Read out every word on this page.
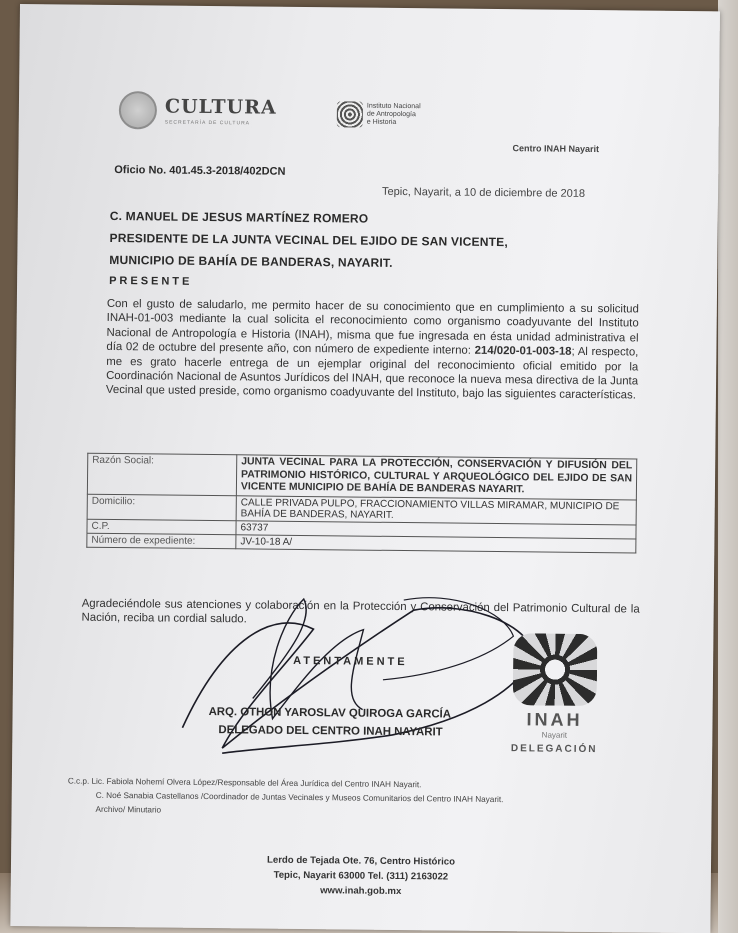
CULTURA
SECRETARÍA DE CULTURA
Instituto Nacional
de Antropología
e Historia
Centro INAH Nayarit
Oficio No. 401.45.3-2018/402DCN
Tepic, Nayarit, a 10 de diciembre de 2018
C. MANUEL DE JESUS MARTÍNEZ ROMERO
PRESIDENTE DE LA JUNTA VECINAL DEL EJIDO DE SAN VICENTE,
MUNICIPIO DE BAHÍA DE BANDERAS, NAYARIT.
PRESENTE
Con el gusto de saludarlo, me permito hacer de su conocimiento que en cumplimiento a su solicitud INAH-01-003 mediante la cual solicita el reconocimiento como organismo coadyuvante del Instituto Nacional de Antropología e Historia (INAH), misma que fue ingresada en ésta unidad administrativa el día 02 de octubre del presente año, con número de expediente interno: 214/020-01-003-18; Al respecto, me es grato hacerle entrega de un ejemplar original del reconocimiento oficial emitido por la Coordinación Nacional de Asuntos Jurídicos del INAH, que reconoce la nueva mesa directiva de la Junta Vecinal que usted preside, como organismo coadyuvante del Instituto, bajo las siguientes características.
Razón Social:	JUNTA VECINAL PARA LA PROTECCIÓN, CONSERVACIÓN Y DIFUSIÓN DEL PATRIMONIO HISTÓRICO, CULTURAL Y ARQUEOLÓGICO DEL EJIDO DE SAN VICENTE MUNICIPIO DE BAHÍA DE BANDERAS NAYARIT.
Domicilio:	CALLE PRIVADA PULPO, FRACCIONAMIENTO VILLAS MIRAMAR, MUNICIPIO DE BAHÍA DE BANDERAS, NAYARIT.
C.P.	63737
Número de expediente:	JV-10-18 A/
Agradeciéndole sus atenciones y colaboración en la Protección y Conservación del Patrimonio Cultural de la Nación, reciba un cordial saludo.
ATENTAMENTE
ARQ. OTHON YAROSLAV QUIROGA GARCÍA
DELEGADO DEL CENTRO INAH NAYARIT
INAH
Nayarit
DELEGACIÓN
C.c.p. Lic. Fabiola Nohemí Olvera López/Responsable del Área Jurídica del Centro INAH Nayarit.
C. Noé Sanabia Castellanos /Coordinador de Juntas Vecinales y Museos Comunitarios del Centro INAH Nayarit.
Archivo/ Minutario
Lerdo de Tejada Ote. 76, Centro Histórico
Tepic, Nayarit 63000 Tel. (311) 2163022
www.inah.gob.mx
